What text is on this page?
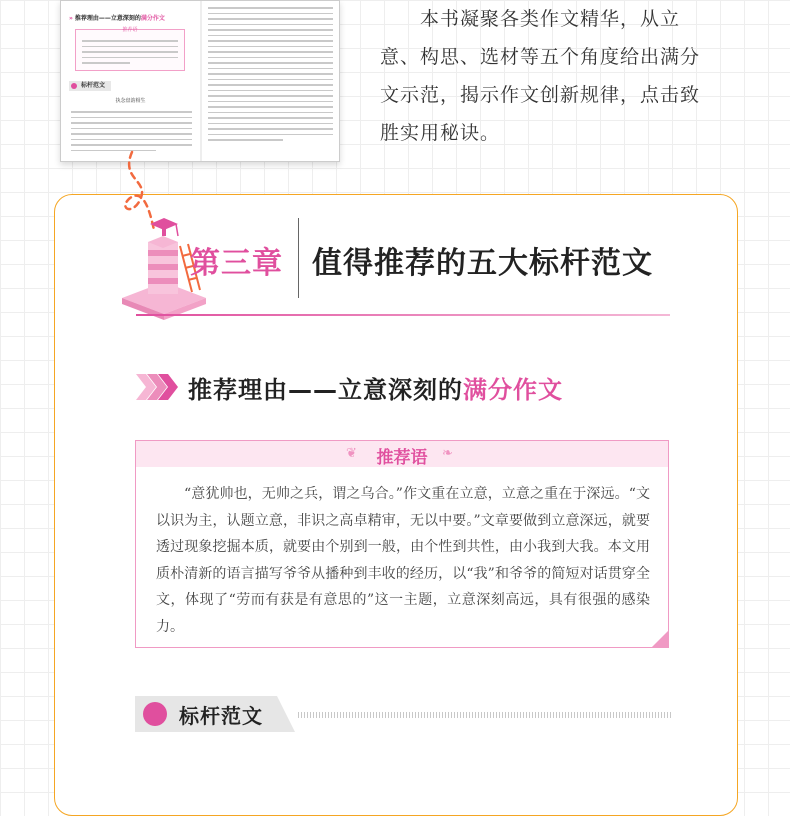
» 推荐理由——立意深刻的满分作文
推荐语
标杆范文
执念盘韵相生
本书凝聚各类作文精华，从立
意、构思、选材等五个角度给出满分
文示范，揭示作文创新规律，点击致
胜实用秘诀。
第三章 值得推荐的五大标杆范文
推荐理由——立意深刻的满分作文
❦	推荐语	❧

“意犹帅也，无帅之兵，谓之乌合。”作文重在立意，立意之重在于深远。“文以识为主，认题立意，非识之高卓精审，无以中要。”文章要做到立意深远，就要透过现象挖掘本质，就要由个别到一般，由个性到共性，由小我到大我。本文用质朴清新的语言描写爷爷从播种到丰收的经历，以“我”和爷爷的简短对话贯穿全文，体现了“劳而有获是有意思的”这一主题，立意深刻高远，具有很强的感染力。

标杆范文
